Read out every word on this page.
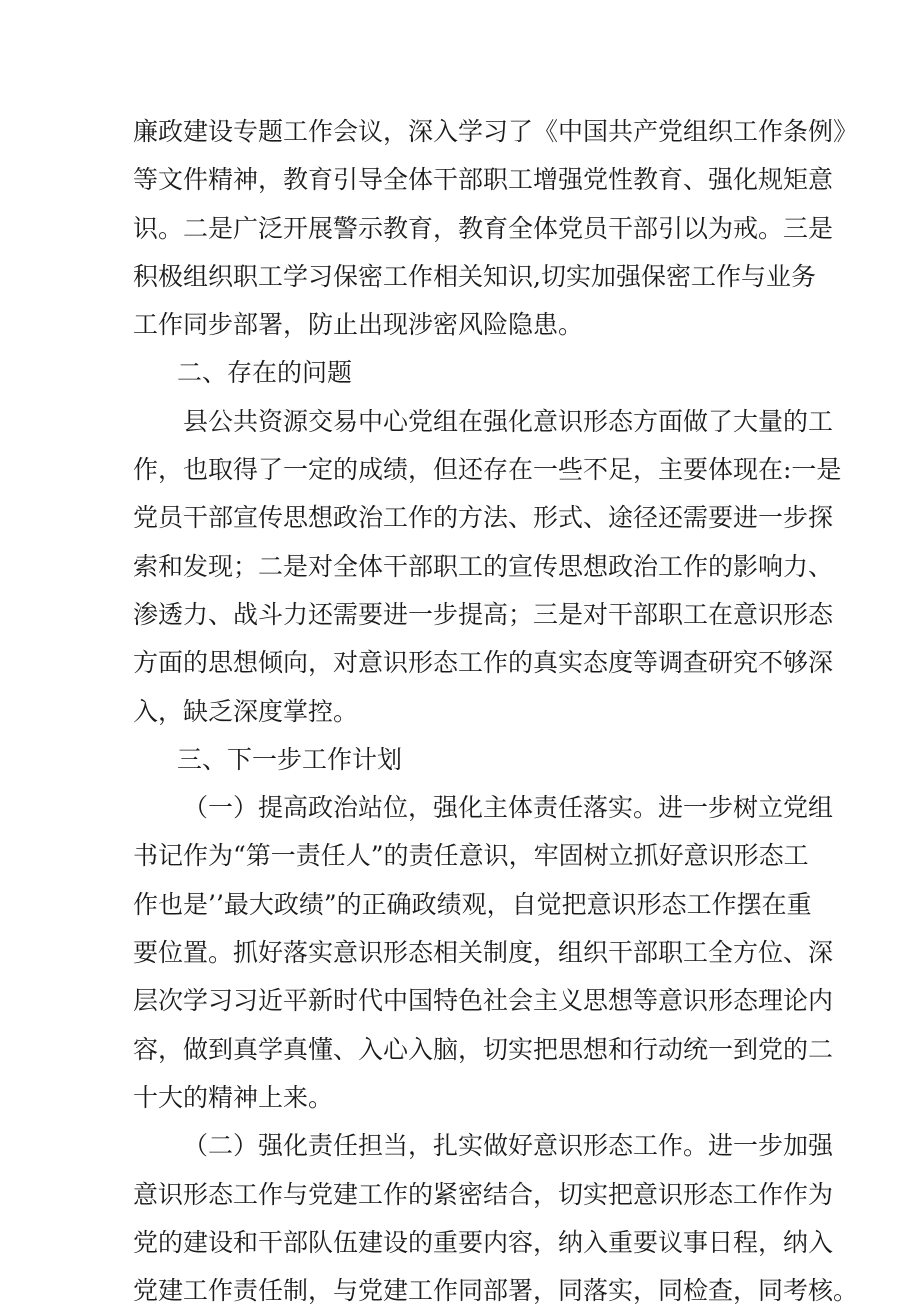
廉政建设专题工作会议，深入学习了《中国共产党组织工作条例》
等文件精神，教育引导全体干部职工增强党性教育、强化规矩意
识。二是广泛开展警示教育，教育全体党员干部引以为戒。三是
积极组织职工学习保密工作相关知识,切实加强保密工作与业务
工作同步部署，防止出现涉密风险隐患。
二、存在的问题
县公共资源交易中心党组在强化意识形态方面做了大量的工
作，也取得了一定的成绩，但还存在一些不足，主要体现在:一是
党员干部宣传思想政治工作的方法、形式、途径还需要进一步探
索和发现；二是对全体干部职工的宣传思想政治工作的影响力、
渗透力、战斗力还需要进一步提高；三是对干部职工在意识形态
方面的思想倾向，对意识形态工作的真实态度等调查研究不够深
入，缺乏深度掌控。
三、下一步工作计划
（一）提高政治站位，强化主体责任落实。进一步树立党组
书记作为“第一责任人”的责任意识，牢固树立抓好意识形态工
作也是’’最大政绩”的正确政绩观，自觉把意识形态工作摆在重
要位置。抓好落实意识形态相关制度，组织干部职工全方位、深
层次学习习近平新时代中国特色社会主义思想等意识形态理论内
容，做到真学真懂、入心入脑，切实把思想和行动统一到党的二
十大的精神上来。
（二）强化责任担当，扎实做好意识形态工作。进一步加强
意识形态工作与党建工作的紧密结合，切实把意识形态工作作为
党的建设和干部队伍建设的重要内容，纳入重要议事日程，纳入
党建工作责任制，与党建工作同部署，同落实，同检查，同考核。
